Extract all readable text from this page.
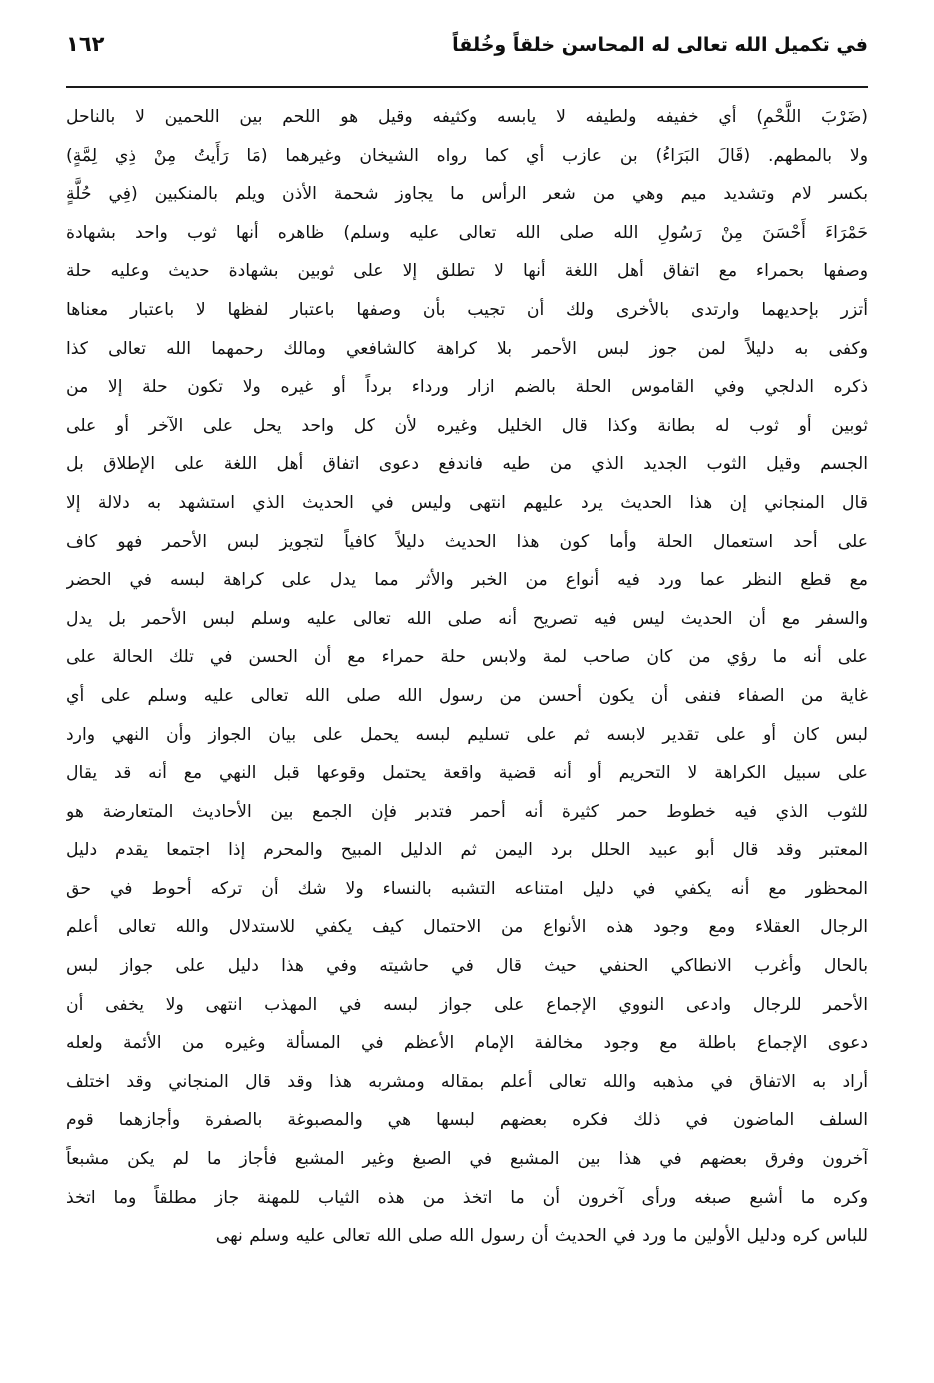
في تكميل الله تعالى له المحاسن خلقاً وخُلقاً
١٦٢
(ضَرْبَ اللَّحْمِ) أي خفيفه ولطيفه لا يابسه وكثيفه وقيل هو اللحم بين اللحمين لا بالناحل
ولا بالمطهم. (قَالَ البَرَاءُ) بن عازب أي كما رواه الشيخان وغيرهما (مَا رَأَيتُ مِنْ ذِي لِمَّةٍ)
بكسر لام وتشديد ميم وهي من شعر الرأس ما يجاوز شحمة الأذن ويلم بالمنكبين (فِي حُلَّةٍ
حَمْرَاءَ أَحْسَنَ مِنْ رَسُولِ الله صلى الله تعالى عليه وسلم) ظاهره أنها ثوب واحد بشهادة
وصفها بحمراء مع اتفاق أهل اللغة أنها لا تطلق إلا على ثوبين بشهادة حديث وعليه حلة
أتزر بإحديهما وارتدى بالأخرى ولك أن تجيب بأن وصفها باعتبار لفظها لا باعتبار معناها
وكفى به دليلاً لمن جوز لبس الأحمر بلا كراهة كالشافعي ومالك رحمهما الله تعالى كذا
ذكره الدلجي وفي القاموس الحلة بالضم ازار ورداء برداً أو غيره ولا تكون حلة إلا من
ثوبين أو ثوب له بطانة وكذا قال الخليل وغيره لأن كل واحد يحل على الآخر أو على
الجسم وقيل الثوب الجديد الذي من طيه فاندفع دعوى اتفاق أهل اللغة على الإطلاق بل
قال المنجاني إن هذا الحديث يرد عليهم انتهى وليس في الحديث الذي استشهد به دلالة إلا
على أحد استعمال الحلة وأما كون هذا الحديث دليلاً كافياً لتجويز لبس الأحمر فهو كاف
مع قطع النظر عما ورد فيه أنواع من الخبر والأثر مما يدل على كراهة لبسه في الحضر
والسفر مع أن الحديث ليس فيه تصريح أنه صلى الله تعالى عليه وسلم لبس الأحمر بل يدل
على أنه ما رؤي من كان صاحب لمة ولابس حلة حمراء مع أن الحسن في تلك الحالة على
غاية من الصفاء فنفى أن يكون أحسن من رسول الله صلى الله تعالى عليه وسلم على أي
لبس كان أو على تقدير لابسه ثم على تسليم لبسه يحمل على بيان الجواز وأن النهي وارد
على سبيل الكراهة لا التحريم أو أنه قضية واقعة يحتمل وقوعها قبل النهي مع أنه قد يقال
للثوب الذي فيه خطوط حمر كثيرة أنه أحمر فتدبر فإن الجمع بين الأحاديث المتعارضة هو
المعتبر وقد قال أبو عبيد الحلل برد اليمن ثم الدليل المبيح والمحرم إذا اجتمعا يقدم دليل
المحظور مع أنه يكفي في دليل امتناعه التشبه بالنساء ولا شك أن تركه أحوط في حق
الرجال العقلاء ومع وجود هذه الأنواع من الاحتمال كيف يكفي للاستدلال والله تعالى أعلم
بالحال وأغرب الانطاكي الحنفي حيث قال في حاشيته وفي هذا دليل على جواز لبس
الأحمر للرجال وادعى النووي الإجماع على جواز لبسه في المهذب انتهى ولا يخفى أن
دعوى الإجماع باطلة مع وجود مخالفة الإمام الأعظم في المسألة وغيره من الأئمة ولعله
أراد به الاتفاق في مذهبه والله تعالى أعلم بمقاله ومشربه هذا وقد قال المنجاني وقد اختلف
السلف الماضون في ذلك فكره بعضهم لبسها هي والمصبوغة بالصفرة وأجازهما قوم
آخرون وفرق بعضهم في هذا بين المشبع في الصبغ وغير المشبع فأجاز ما لم يكن مشبعاً
وكره ما أشبع صبغه ورأى آخرون أن ما اتخذ من هذه الثياب للمهنة جاز مطلقاً وما اتخذ
للباس كره ودليل الأولين ما ورد في الحديث أن رسول الله صلى الله تعالى عليه وسلم نهى
